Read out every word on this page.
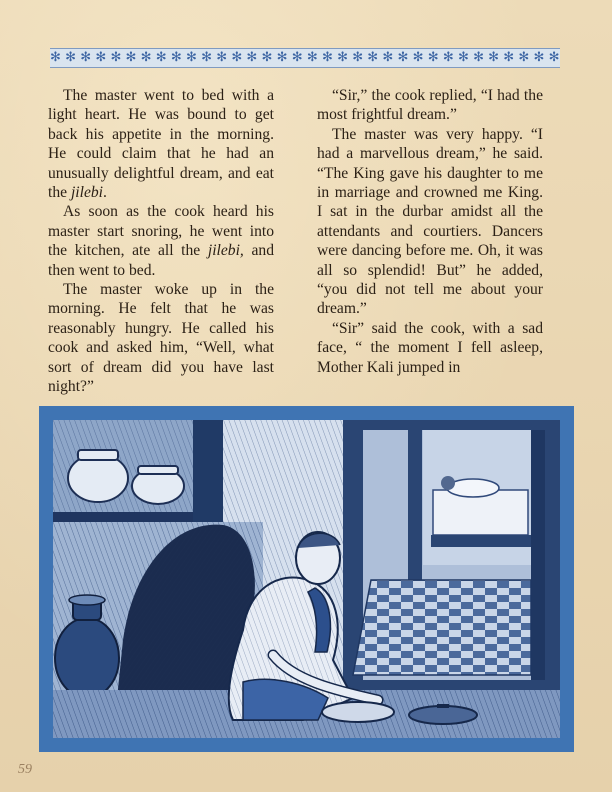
✻ ✻ ✻ ✻ ✻ ✻ ✻ ✻ ✻ ✻ ✻ ✻ ✻ ✻ ✻ ✻ ✻ ✻ ✻ ✻ ✻ ✻ ✻ ✻ ✻ ✻ ✻ ✻ ✻ ✻ ✻ ✻ ✻ ✻

The master went to bed with a light heart. He was bound to get back his appetite in the morning. He could claim that he had an unusually delightful dream, and eat the jilebi.

As soon as the cook heard his master start snoring, he went into the kitchen, ate all the jilebi, and then went to bed.

The master woke up in the morning. He felt that he was reasonably hungry. He called his cook and asked him, “Well, what sort of dream did you have last night?”

“Sir,” the cook replied, “I had the most frightful dream.”

The master was very happy. “I had a marvellous dream,” he said. “The King gave his daughter to me in marriage and crowned me King. I sat in the durbar amidst all the attendants and courtiers. Dancers were dancing before me. Oh, it was all so splendid! But” he added, “you did not tell me about your dream.”

“Sir” said the cook, with a sad face, “ the moment I fell asleep, Mother Kali jumped in

59
